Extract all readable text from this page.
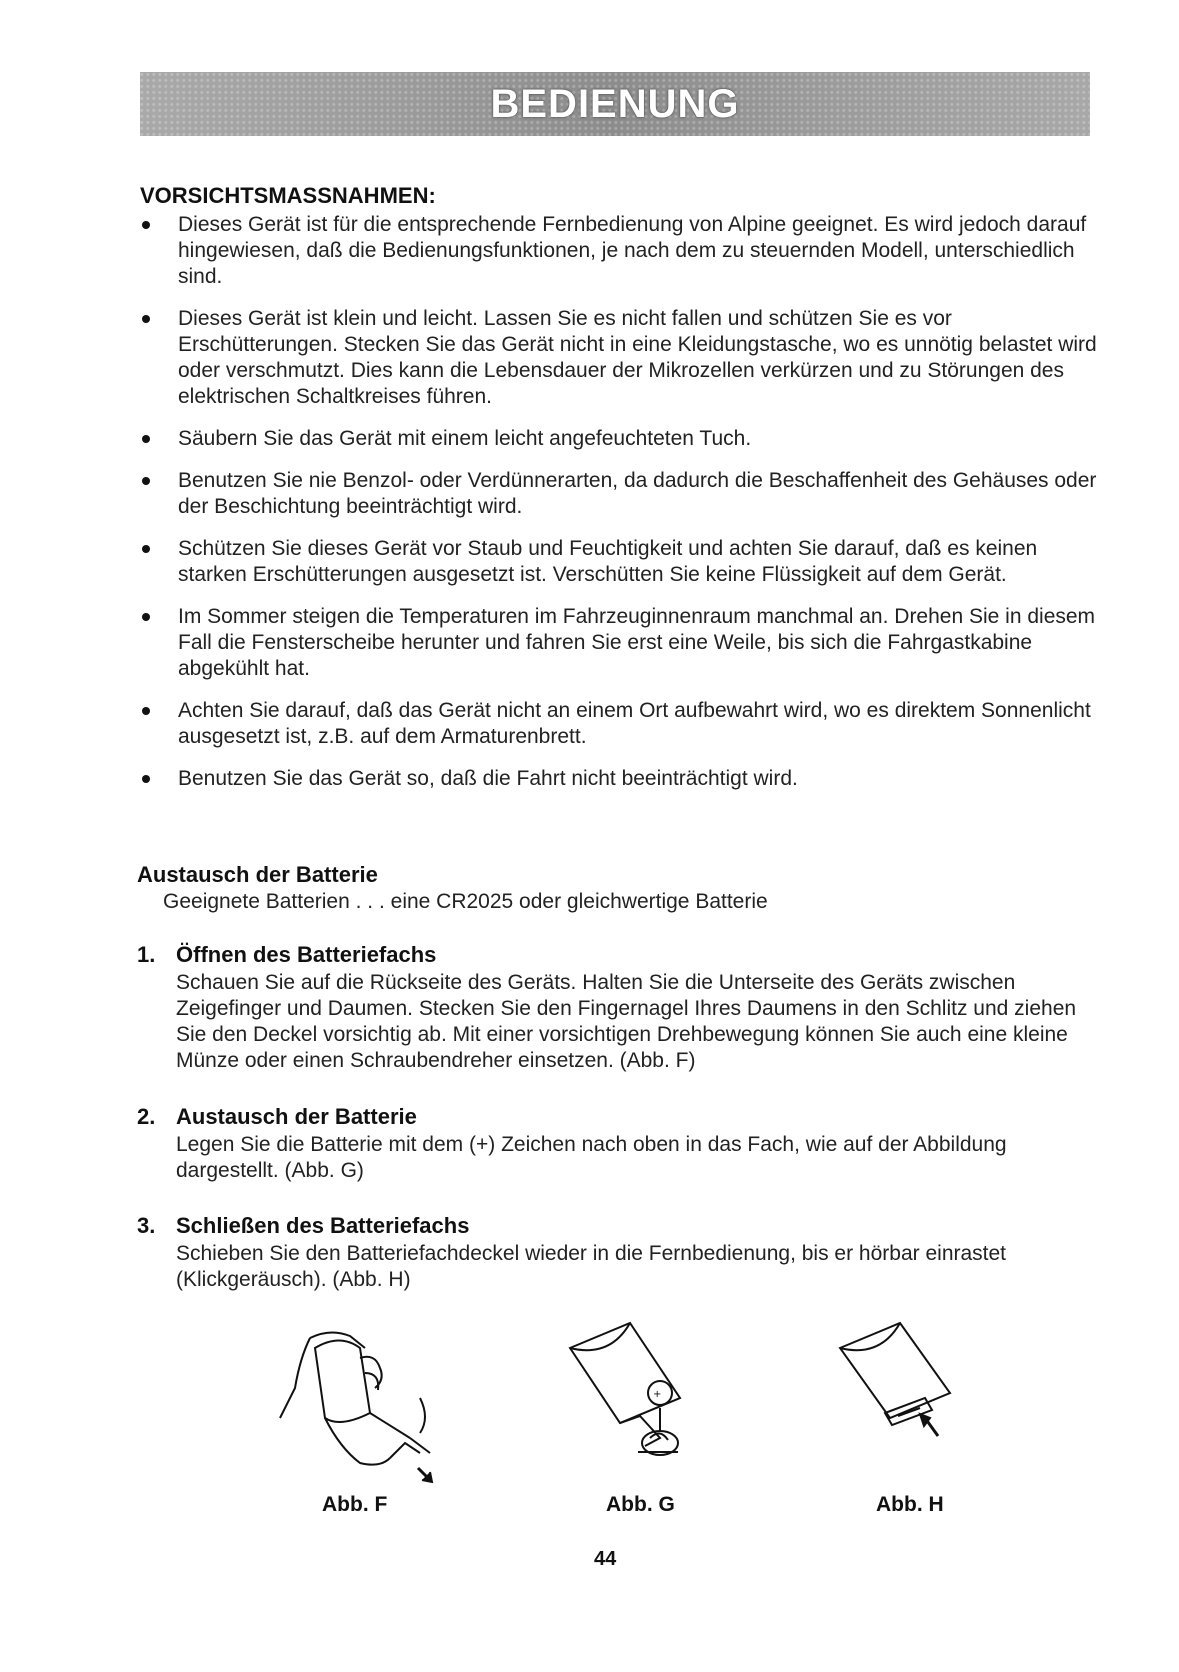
BEDIENUNG
VORSICHTSMASSNAHMEN:
Dieses Gerät ist für die entsprechende Fernbedienung von Alpine geeignet. Es wird jedoch darauf hingewiesen, daß die Bedienungsfunktionen, je nach dem zu steuernden Modell, unterschiedlich sind.
Dieses Gerät ist klein und leicht. Lassen Sie es nicht fallen und schützen Sie es vor Erschütterungen. Stecken Sie das Gerät nicht in eine Kleidungstasche, wo es unnötig belastet wird oder verschmutzt. Dies kann die Lebensdauer der Mikrozellen verkürzen und zu Störungen des elektrischen Schaltkreises führen.
Säubern Sie das Gerät mit einem leicht angefeuchteten Tuch.
Benutzen Sie nie Benzol- oder Verdünnerarten, da dadurch die Beschaffenheit des Gehäuses oder der Beschichtung beeinträchtigt wird.
Schützen Sie dieses Gerät vor Staub und Feuchtigkeit und achten Sie darauf, daß es keinen starken Erschütterungen ausgesetzt ist. Verschütten Sie keine Flüssigkeit auf dem Gerät.
Im Sommer steigen die Temperaturen im Fahrzeuginnenraum manchmal an. Drehen Sie in diesem Fall die Fensterscheibe herunter und fahren Sie erst eine Weile, bis sich die Fahrgastkabine abgekühlt hat.
Achten Sie darauf, daß das Gerät nicht an einem Ort aufbewahrt wird, wo es direktem Sonnenlicht ausgesetzt ist, z.B. auf dem Armaturenbrett.
Benutzen Sie das Gerät so, daß die Fahrt nicht beeinträchtigt wird.
Austausch der Batterie
Geeignete Batterien . . . eine CR2025 oder gleichwertige Batterie
1. Öffnen des Batteriefachs
Schauen Sie auf die Rückseite des Geräts. Halten Sie die Unterseite des Geräts zwischen Zeigefinger und Daumen. Stecken Sie den Fingernagel Ihres Daumens in den Schlitz und ziehen Sie den Deckel vorsichtig ab. Mit einer vorsichtigen Drehbewegung können Sie auch eine kleine Münze oder einen Schraubendreher einsetzen. (Abb. F)
2. Austausch der Batterie
Legen Sie die Batterie mit dem (+) Zeichen nach oben in das Fach, wie auf der Abbildung dargestellt. (Abb. G)
3. Schließen des Batteriefachs
Schieben Sie den Batteriefachdeckel wieder in die Fernbedienung, bis er hörbar einrastet (Klickgeräusch). (Abb. H)
+
Abb. F	Abb. G	Abb. H
44
